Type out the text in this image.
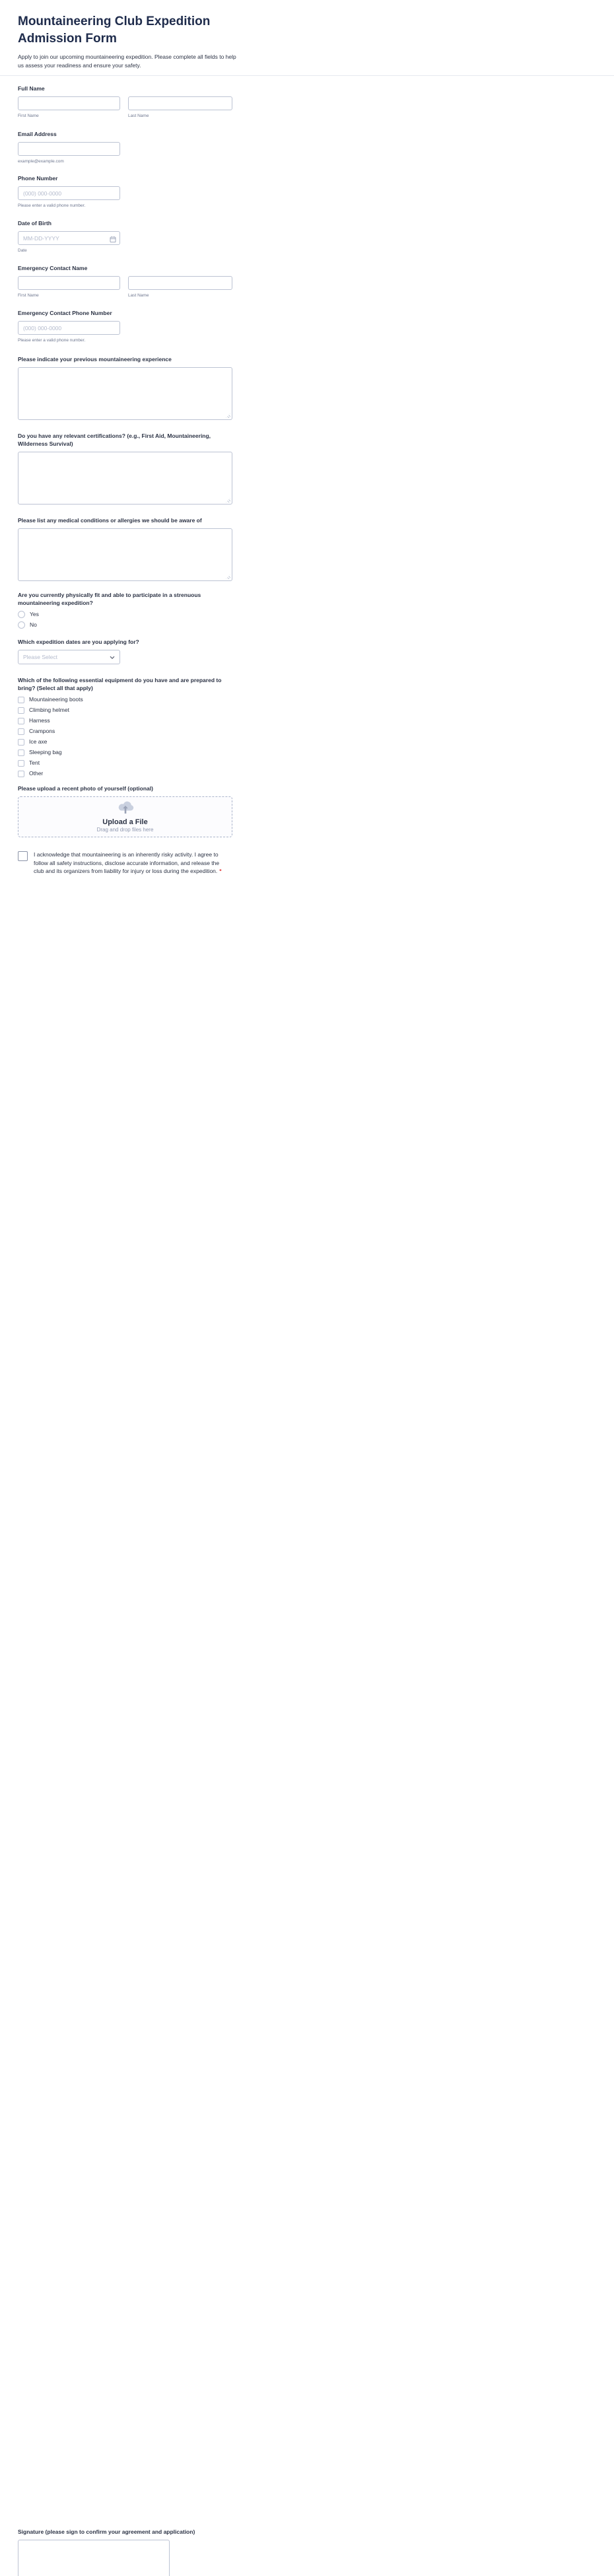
Mountaineering Club Expedition
Admission Form
Apply to join our upcoming mountaineering expedition. Please complete all fields to help us assess your readiness and ensure your safety.
Full Name
First Name	Last Name
Email Address
example@example.com
Phone Number
(000) 000-0000
Please enter a valid phone number.
Date of Birth
MM-DD-YYYY
Date
Emergency Contact Name
First Name	Last Name
Emergency Contact Phone Number
(000) 000-0000
Please enter a valid phone number.
Please indicate your previous mountaineering experience
Do you have any relevant certifications? (e.g., First Aid, Mountaineering, Wilderness Survival)
Please list any medical conditions or allergies we should be aware of
Are you currently physically fit and able to participate in a strenuous mountaineering expedition?
Yes
No
Which expedition dates are you applying for?
Please Select
Which of the following essential equipment do you have and are prepared to bring? (Select all that apply)
Mountaineering boots
Climbing helmet
Harness
Crampons
Ice axe
Sleeping bag
Tent
Other
Please upload a recent photo of yourself (optional)
Upload a File
Drag and drop files here
I acknowledge that mountaineering is an inherently risky activity. I agree to follow all safety instructions, disclose accurate information, and release the club and its organizers from liability for injury or loss during the expedition. *
Signature (please sign to confirm your agreement and application)
